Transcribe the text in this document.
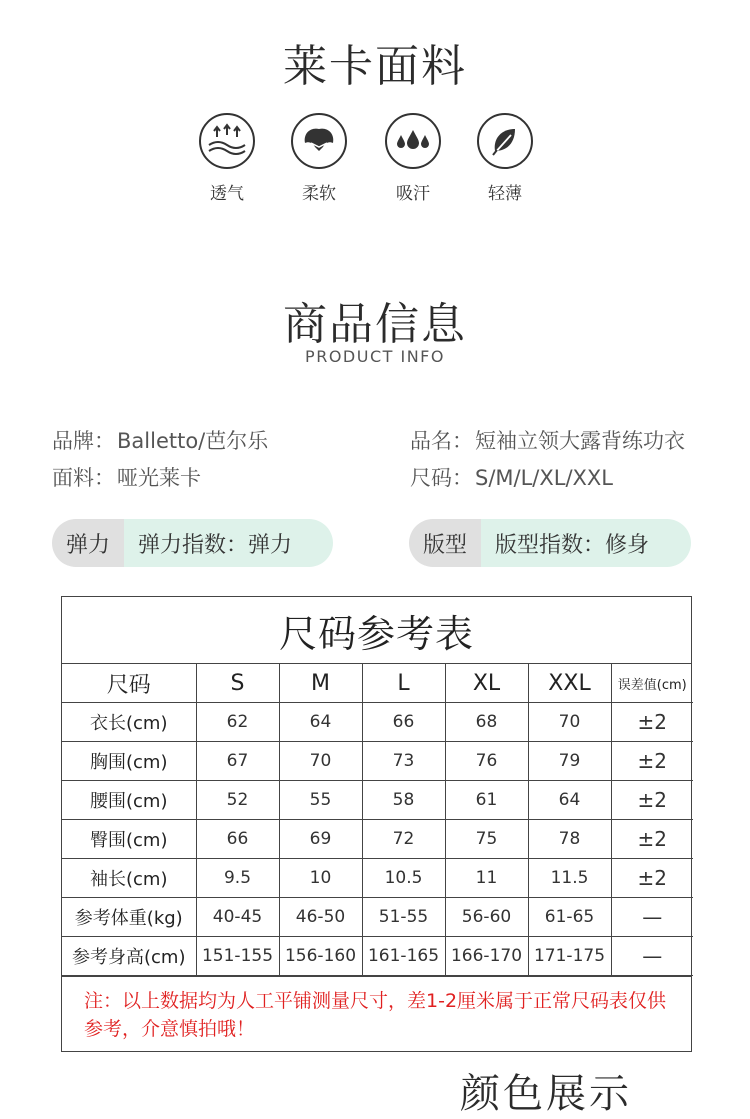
莱卡面料
透气	柔软	吸汗	轻薄
商品信息
PRODUCT INFO
品牌：Balletto/芭尔乐	品名：短袖立领大露背练功衣
面料：哑光莱卡	尺码：S/M/L/XL/XXL
弹力	弹力指数：弹力	版型	版型指数：修身
尺码参考表
尺码	S	M	L	XL	XXL	误差值(cm)
衣长(cm)	62	64	66	68	70	±2
胸围(cm)	67	70	73	76	79	±2
腰围(cm)	52	55	58	61	64	±2
臀围(cm)	66	69	72	75	78	±2
袖长(cm)	9.5	10	10.5	11	11.5	±2
参考体重(kg)	40-45	46-50	51-55	56-60	61-65	—
参考身高(cm)	151-155	156-160	161-165	166-170	171-175	—
注：以上数据均为人工平铺测量尺寸，差1-2厘米属于正常尺码表仅供参考，介意慎拍哦！
颜色展示
